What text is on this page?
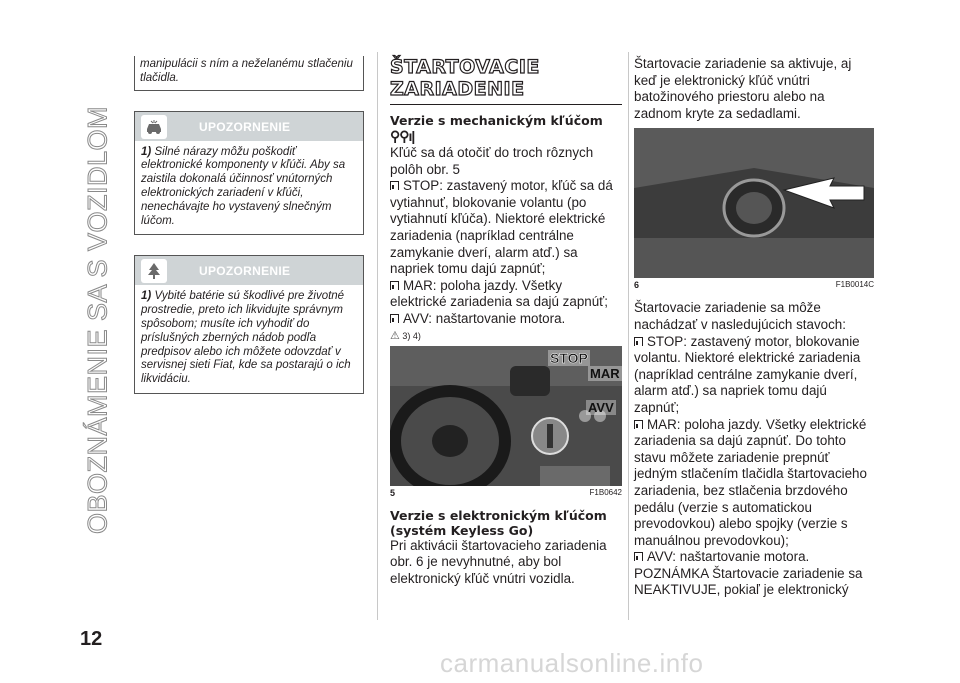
OBOZNÁMENIE SA S VOZIDLOM
12
carmanualsonline.info
manipulácii s ním a neželanému stlačeniu tlačidla.
UPOZORNENIE
1) Silné nárazy môžu poškodiť elektronické komponenty v kľúči. Aby sa zaistila dokonalá účinnosť vnútorných elektronických zariadení v kľúči, nenechávajte ho vystavený slnečným lúčom.
UPOZORNENIE
1) Vybité batérie sú škodlivé pre životné prostredie, preto ich likvidujte správnym spôsobom; musíte ich vyhodiť do príslušných zberných nádob podľa predpisov alebo ich môžete odovzdať v servisnej sieti Fiat, kde sa postarajú o ich likvidáciu.
ŠTARTOVACIE ZARIADENIE
Verzie s mechanickým kľúčom
⚲⚲ı|
Kľúč sa dá otočiť do troch rôznych polôh obr. 5
STOP: zastavený motor, kľúč sa dá vytiahnuť, blokovanie volantu (po vytiahnutí kľúča). Niektoré elektrické zariadenia (napríklad centrálne zamykanie dverí, alarm atď.) sa napriek tomu dajú zapnúť;
MAR: poloha jazdy. Všetky elektrické zariadenia sa dajú zapnúť;
AVV: naštartovanie motora.
⚠ 3) 4)
STOP
MAR
AVV
5	F1B0642
Verzie s elektronickým kľúčom (systém Keyless Go)
Pri aktivácii štartovacieho zariadenia obr. 6 je nevyhnutné, aby bol elektronický kľúč vnútri vozidla.
Štartovacie zariadenie sa aktivuje, aj keď je elektronický kľúč vnútri batožinového priestoru alebo na zadnom kryte za sedadlami.
6	F1B0014C
Štartovacie zariadenie sa môže nachádzať v nasledujúcich stavoch:
STOP: zastavený motor, blokovanie volantu. Niektoré elektrické zariadenia (napríklad centrálne zamykanie dverí, alarm atď.) sa napriek tomu dajú zapnúť;
MAR: poloha jazdy. Všetky elektrické zariadenia sa dajú zapnúť. Do tohto stavu môžete zariadenie prepnúť jedným stlačením tlačidla štartovacieho zariadenia, bez stlačenia brzdového pedálu (verzie s automatickou prevodovkou) alebo spojky (verzie s manuálnou prevodovkou);
AVV: naštartovanie motora.
POZNÁMKA Štartovacie zariadenie sa NEAKTIVUJE, pokiaľ je elektronický
